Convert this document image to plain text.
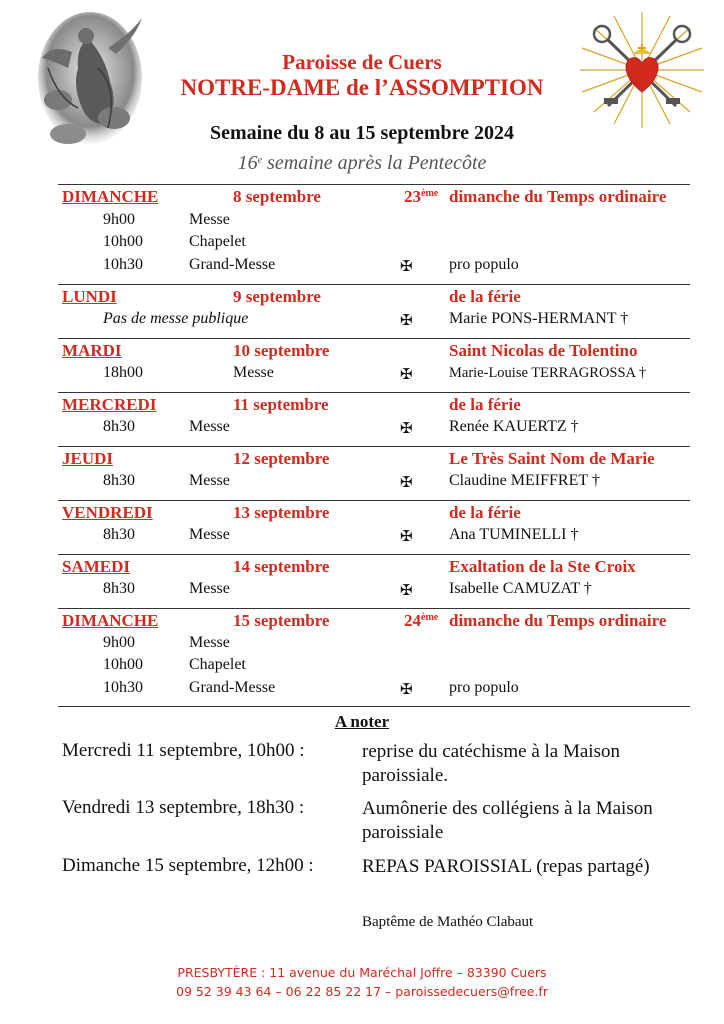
Paroisse de Cuers
NOTRE-DAME de l’ASSOMPTION
Semaine du 8 au 15 septembre 2024
16e semaine après la Pentecôte
DIMANCHE	8 septembre	23ème dimanche du Temps ordinaire
9h00	Messe
10h00	Chapelet
10h30	Grand-Messe	✠ pro populo
LUNDI	9 septembre	de la férie
Pas de messe publique	✠ Marie PONS-HERMANT †
MARDI	10 septembre	Saint Nicolas de Tolentino
18h00	Messe	✠	Marie-Louise TERRAGROSSA †
MERCREDI	11 septembre	de la férie
8h30	Messe	✠ Renée KAUERTZ †
JEUDI	12 septembre	Le Très Saint Nom de Marie
8h30	Messe	✠ Claudine MEIFFRET †
VENDREDI	13 septembre	de la férie
8h30	Messe	✠ Ana TUMINELLI †
SAMEDI	14 septembre	Exaltation de la Ste Croix
8h30	Messe	✠ Isabelle CAMUZAT †
DIMANCHE	15 septembre	24ème dimanche du Temps ordinaire
9h00	Messe
10h00	Chapelet
10h30	Grand-Messe	✠ pro populo
A noter
Mercredi 11 septembre, 10h00 :	reprise du catéchisme à la Maison paroissiale.
Vendredi 13 septembre, 18h30 :	Aumônerie des collégiens à la Maison paroissiale
Dimanche 15 septembre, 12h00 :	REPAS PAROISSIAL (repas partagé)
Baptême de Mathéo Clabaut
PRESBYTÈRE : 11 avenue du Maréchal Joffre – 83390 Cuers
09 52 39 43 64 – 06 22 85 22 17 – paroissedecuers@free.fr
